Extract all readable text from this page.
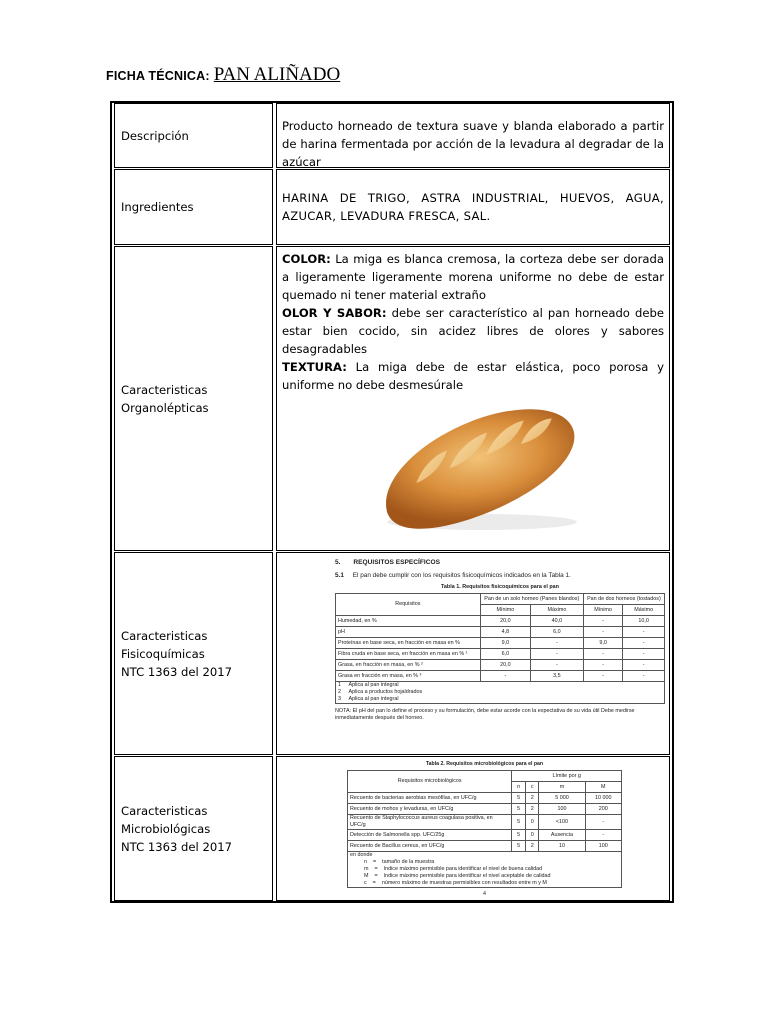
FICHA TÉCNICA: PAN ALIÑADO
Descripción
Producto horneado de textura suave y blanda elaborado a partir de harina fermentada por acción de la levadura al degradar de la azúcar
Ingredientes
HARINA DE TRIGO, ASTRA INDUSTRIAL, HUEVOS, AGUA, AZUCAR, LEVADURA FRESCA, SAL.
Caracteristicas
Organolépticas
COLOR: La miga es blanca cremosa, la corteza debe ser dorada a ligeramente ligeramente morena uniforme no debe de estar quemado ni tener material extraño
OLOR Y SABOR: debe ser característico al pan horneado debe estar bien cocido, sin acidez libres de olores y sabores desagradables
TEXTURA: La miga debe de estar elástica, poco porosa y uniforme no debe desmesúrale
Caracteristicas
Fisicoquímicas
NTC 1363 del 2017
5. REQUISITOS ESPECÍFICOS
5.1 El pan debe cumplir con los requisitos fisicoquímicos indicados en la Tabla 1.
Tabla 1. Requisitos fisicoquímicos para el pan
Requisitos	Pan de un solo horneo (Panes blandos)		Pan de dos horneos (tostados)	
	Mínimo	Máximo	Mínimo	Máximo
Humedad, en %	20,0	40,0	-	10,0
pH	4,8	6,0	-	-
Proteínas en base seca, en fracción en masa en %	9,0	-	9,0	-
Fibra cruda en base seca, en fracción en masa en % ¹	6,0	-	-	-
Grasa, en fracción en masa, en % ²	20,0	-	-	-
Grasa en fracción en masa, en % ³	-	3,5	-	-

1     Aplica al pan integral
2     Aplica a productos hojaldrados
3     Aplica al pan integral				
NOTA: El pH del pan lo define el proceso y su formulación, debe estar acorde con la expectativa de su vida útil Debe medirse inmediatamente después del horneo.
Caracteristicas
Microbiológicas
NTC 1363 del 2017
Tabla 2. Requisitos microbiológicos para el pan
Requisitos microbiológicos	Límite por g			
	n	c	m	M
Recuento de bacterias aerobias mesófilas, en UFC/g	5	2	5 000	10 000
Recuento de mohos y levaduras, en UFC/g	5	2	100	200
Recuento de Staphylococcus aureus coagulasa positiva, en UFC/g	5	0	<100	-
Detección de Salmonella spp. UFC/25g	5	0	Ausencia	-
Recuento de Bacillus cereus, en UFC/g	5	2	10	100

en donde
n    =    tamaño de la muestra
m    =    índice máximo permisible para identificar el nivel de buena calidad
M    =    índice máximo permisible para identificar el nivel aceptable de calidad
c    =    número máximo de muestras permisibles con resultados entre m y M				
4
